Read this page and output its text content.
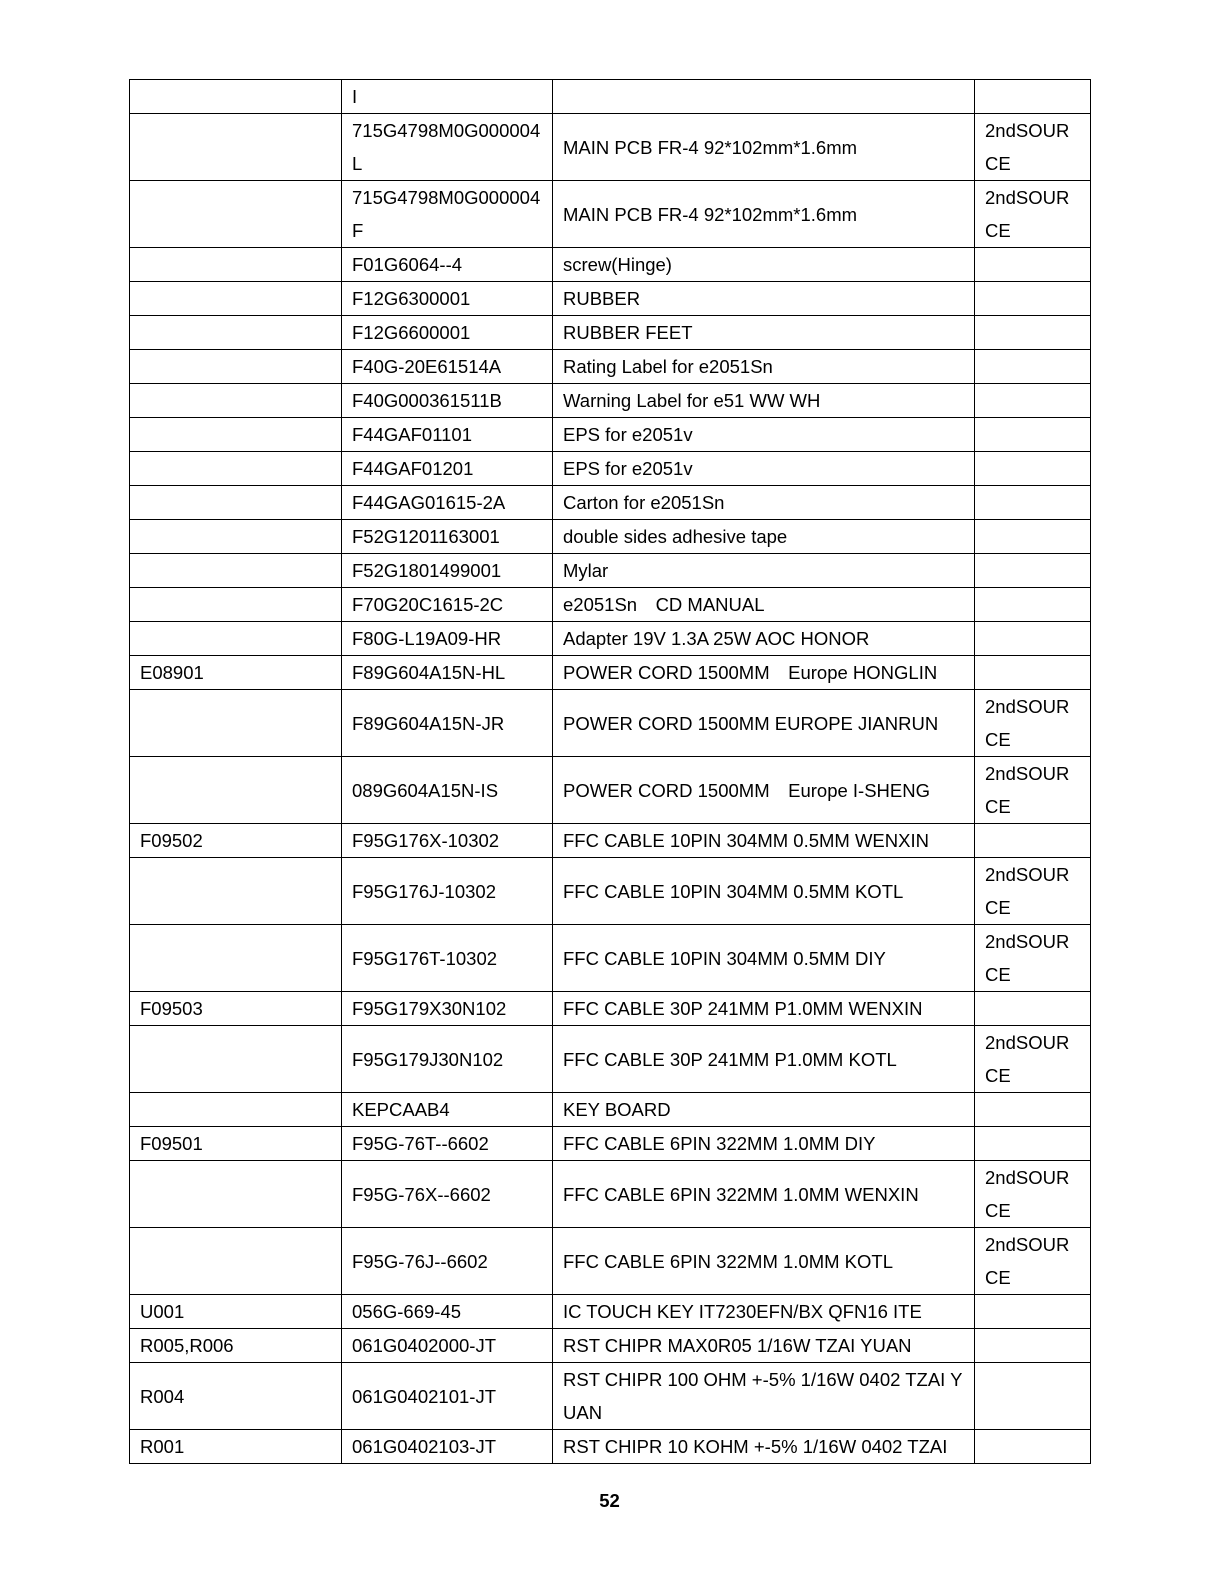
	I		
	715G4798M0G000004L	MAIN PCB FR-4 92*102mm*1.6mm	2ndSOURCE
	715G4798M0G000004F	MAIN PCB FR-4 92*102mm*1.6mm	2ndSOURCE
	F01G6064--4	screw(Hinge)	
	F12G6300001	RUBBER	
	F12G6600001	RUBBER FEET	
	F40G-20E61514A	Rating Label for e2051Sn	
	F40G000361511B	Warning Label for e51 WW WH	
	F44GAF01101	EPS for e2051v	
	F44GAF01201	EPS for e2051v	
	F44GAG01615-2A	Carton for e2051Sn	
	F52G1201163001	double sides adhesive tape	
	F52G1801499001	Mylar	
	F70G20C1615-2C	e2051Sn　CD MANUAL	
	F80G-L19A09-HR	Adapter 19V 1.3A 25W AOC HONOR	
E08901	F89G604A15N-HL	POWER CORD 1500MM　Europe HONGLIN	
	F89G604A15N-JR	POWER CORD 1500MM EUROPE JIANRUN	2ndSOURCE
	089G604A15N-IS	POWER CORD 1500MM　Europe I-SHENG	2ndSOURCE
F09502	F95G176X-10302	FFC CABLE 10PIN 304MM 0.5MM WENXIN	
	F95G176J-10302	FFC CABLE 10PIN 304MM 0.5MM KOTL	2ndSOURCE
	F95G176T-10302	FFC CABLE 10PIN 304MM 0.5MM DIY	2ndSOURCE
F09503	F95G179X30N102	FFC CABLE 30P 241MM P1.0MM WENXIN	
	F95G179J30N102	FFC CABLE 30P 241MM P1.0MM KOTL	2ndSOURCE
	KEPCAAB4	KEY BOARD	
F09501	F95G-76T--6602	FFC CABLE 6PIN 322MM 1.0MM DIY	
	F95G-76X--6602	FFC CABLE 6PIN 322MM 1.0MM WENXIN	2ndSOURCE
	F95G-76J--6602	FFC CABLE 6PIN 322MM 1.0MM KOTL	2ndSOURCE
U001	056G-669-45	IC TOUCH KEY IT7230EFN/BX QFN16 ITE	
R005,R006	061G0402000-JT	RST CHIPR MAX0R05 1/16W TZAI YUAN	
R004	061G0402101-JT	RST CHIPR 100 OHM +-5% 1/16W 0402 TZAI YUAN	
R001	061G0402103-JT	RST CHIPR 10 KOHM +-5% 1/16W 0402 TZAI	
52
